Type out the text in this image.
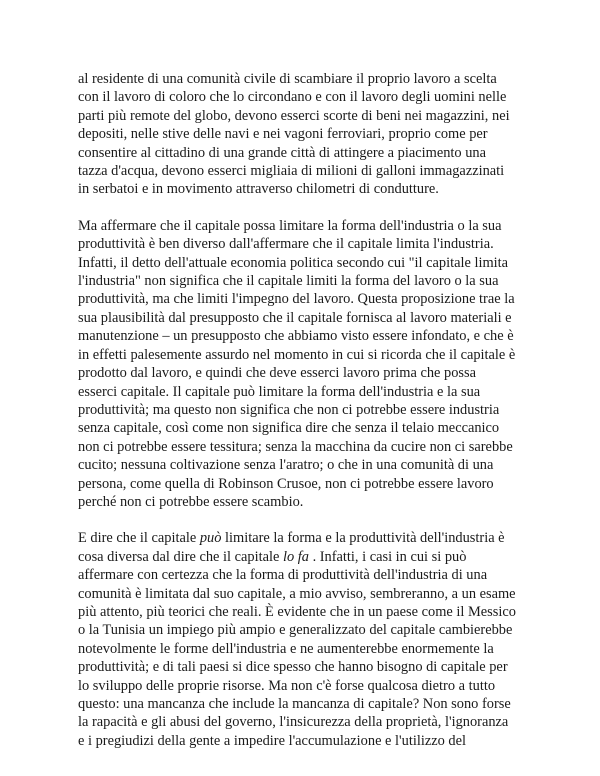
al residente di una comunità civile di scambiare il proprio lavoro a scelta
con il lavoro di coloro che lo circondano e con il lavoro degli uomini nelle
parti più remote del globo, devono esserci scorte di beni nei magazzini, nei
depositi, nelle stive delle navi e nei vagoni ferroviari, proprio come per
consentire al cittadino di una grande città di attingere a piacimento una
tazza d'acqua, devono esserci migliaia di milioni di galloni immagazzinati
in serbatoi e in movimento attraverso chilometri di condutture.

Ma affermare che il capitale possa limitare la forma dell'industria o la sua
produttività è ben diverso dall'affermare che il capitale limita l'industria.
Infatti, il detto dell'attuale economia politica secondo cui "il capitale limita
l'industria" non significa che il capitale limiti la forma del lavoro o la sua
produttività, ma che limiti l'impegno del lavoro. Questa proposizione trae la
sua plausibilità dal presupposto che il capitale fornisca al lavoro materiali e
manutenzione – un presupposto che abbiamo visto essere infondato, e che è
in effetti palesemente assurdo nel momento in cui si ricorda che il capitale è
prodotto dal lavoro, e quindi che deve esserci lavoro prima che possa
esserci capitale. Il capitale può limitare la forma dell'industria e la sua
produttività; ma questo non significa che non ci potrebbe essere industria
senza capitale, così come non significa dire che senza il telaio meccanico
non ci potrebbe essere tessitura; senza la macchina da cucire non ci sarebbe
cucito; nessuna coltivazione senza l'aratro; o che in una comunità di una
persona, come quella di Robinson Crusoe, non ci potrebbe essere lavoro
perché non ci potrebbe essere scambio.

E dire che il capitale può limitare la forma e la produttività dell'industria è
cosa diversa dal dire che il capitale lo fa . Infatti, i casi in cui si può
affermare con certezza che la forma di produttività dell'industria di una
comunità è limitata dal suo capitale, a mio avviso, sembreranno, a un esame
più attento, più teorici che reali. È evidente che in un paese come il Messico
o la Tunisia un impiego più ampio e generalizzato del capitale cambierebbe
notevolmente le forme dell'industria e ne aumenterebbe enormemente la
produttività; e di tali paesi si dice spesso che hanno bisogno di capitale per
lo sviluppo delle proprie risorse. Ma non c'è forse qualcosa dietro a tutto
questo: una mancanza che include la mancanza di capitale? Non sono forse
la rapacità e gli abusi del governo, l'insicurezza della proprietà, l'ignoranza
e i pregiudizi della gente a impedire l'accumulazione e l'utilizzo del
